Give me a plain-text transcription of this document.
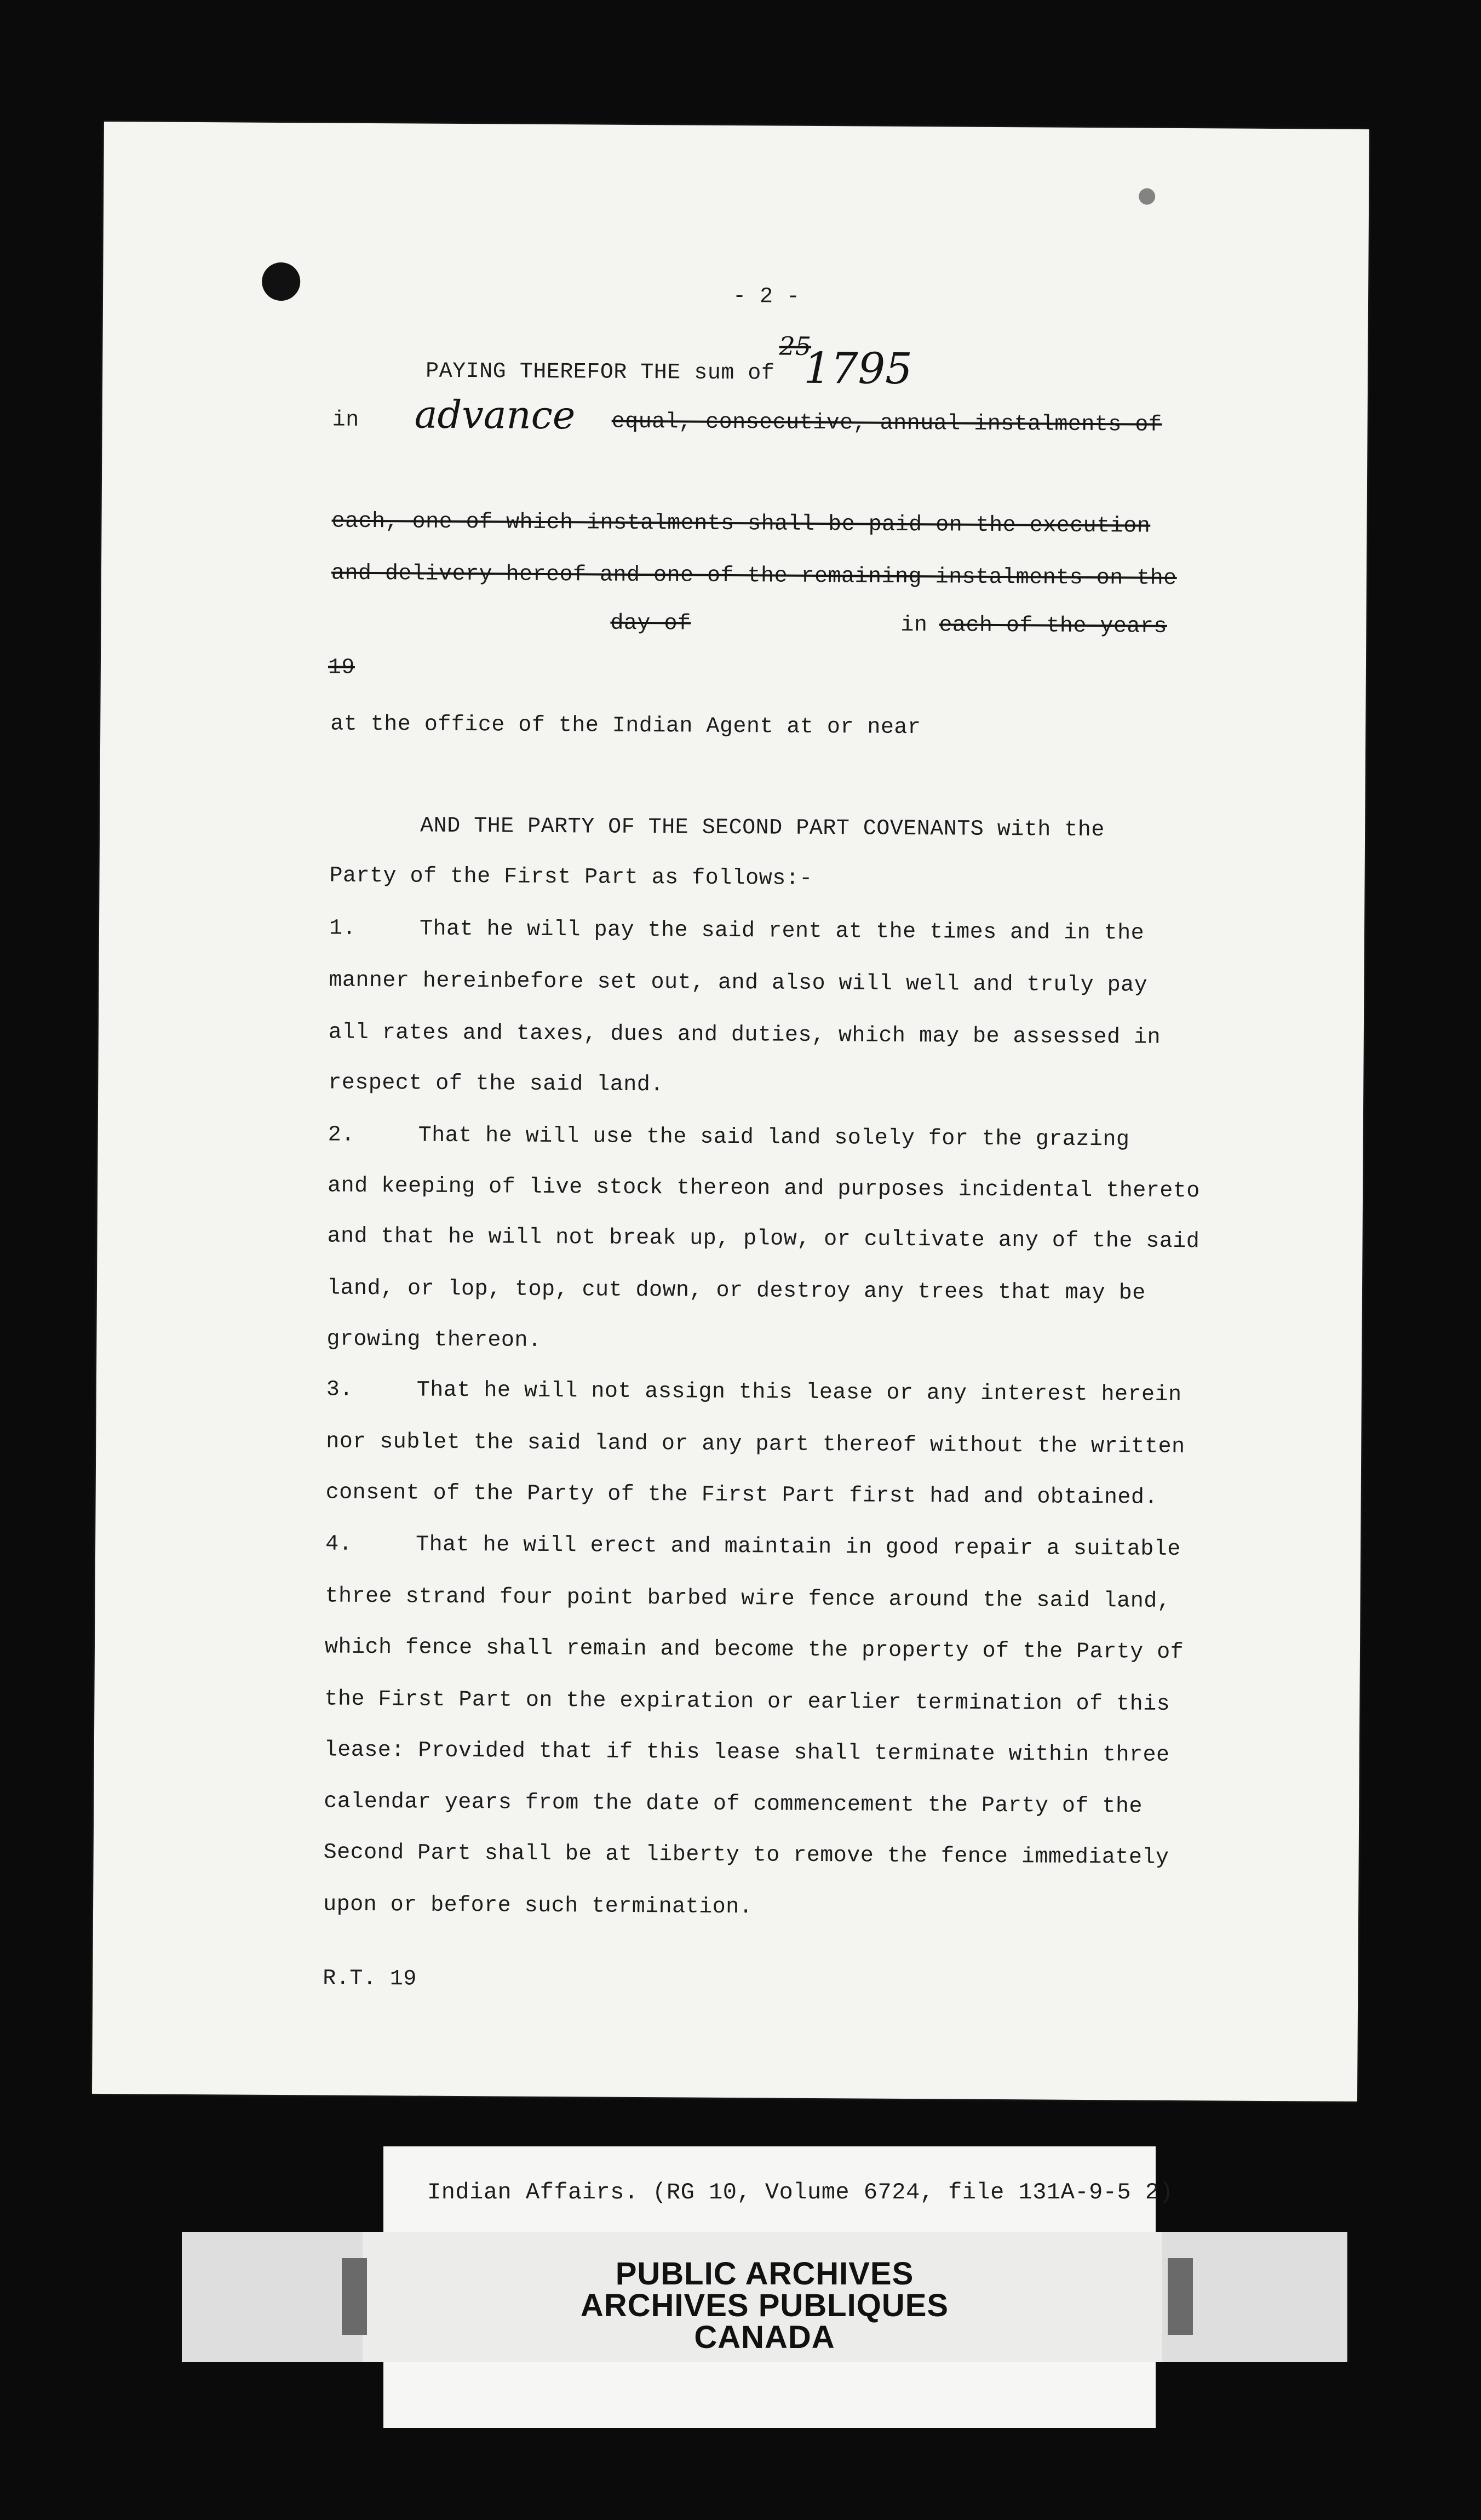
- 2 -
PAYING THEREFOR THE sum of
25
1795
in advance equal, consecutive, annual instalments of
each, one of which instalments shall be paid on the execution
and delivery hereof and one of the remaining instalments on the
day of	in each of the years
19
at the office of the Indian Agent at or near
AND THE PARTY OF THE SECOND PART COVENANTS with the
Party of the First Part as follows:-
1.	That he will pay the said rent at the times and in the
manner hereinbefore set out, and also will well and truly pay
all rates and taxes, dues and duties, which may be assessed in
respect of the said land.
2.	That he will use the said land solely for the grazing
and keeping of live stock thereon and purposes incidental thereto
and that he will not break up, plow, or cultivate any of the said
land, or lop, top, cut down, or destroy any trees that may be
growing thereon.
3.	That he will not assign this lease or any interest herein
nor sublet the said land or any part thereof without the written
consent of the Party of the First Part first had and obtained.
4.	That he will erect and maintain in good repair a suitable
three strand four point barbed wire fence around the said land,
which fence shall remain and become the property of the Party of
the First Part on the expiration or earlier termination of this
lease: Provided that if this lease shall terminate within three
calendar years from the date of commencement the Party of the
Second Part shall be at liberty to remove the fence immediately
upon or before such termination.
R.T. 19
Indian Affairs. (RG 10, Volume 6724, file 131A-9-5 2)
PUBLIC ARCHIVES
ARCHIVES PUBLIQUES
CANADA
